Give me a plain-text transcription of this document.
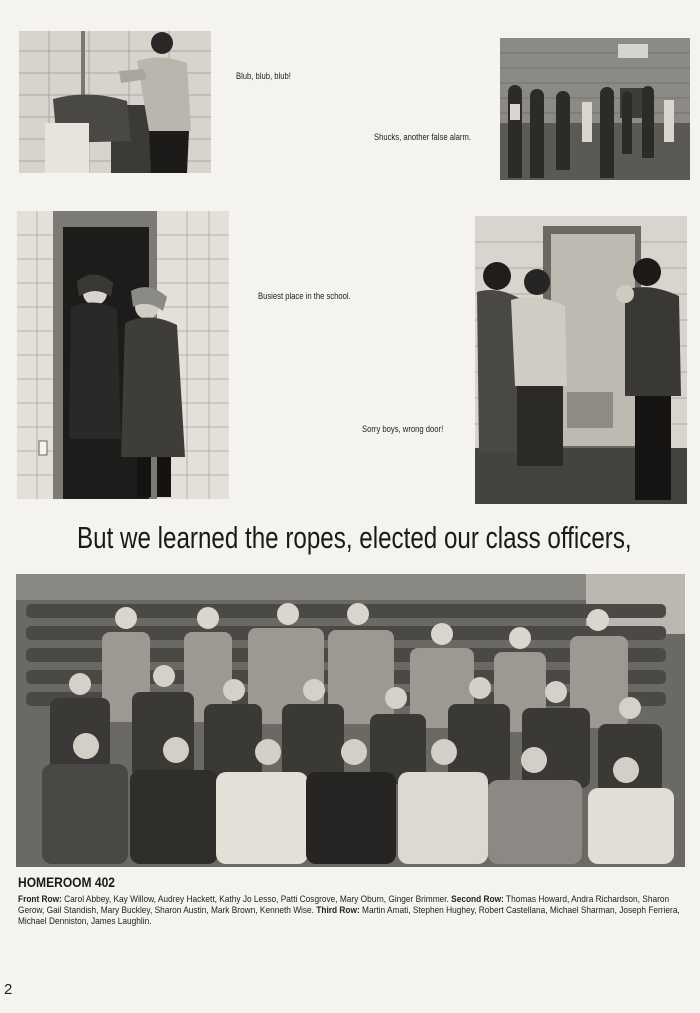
Blub, blub, blub!
Shucks, another false alarm.
Busiest place in the school.
Sorry boys, wrong door!
But we learned the ropes, elected our class officers,
HOMEROOM 402
Front Row: Carol Abbey, Kay Willow, Audrey Hackett, Kathy Jo Lesso, Patti Cosgrove, Mary Oburn, Ginger Brimmer. Second Row: Thomas Howard, Andra Richardson, Sharon Gerow, Gail Standish, Mary Buckley, Sharon Austin, Mark Brown, Kenneth Wise. Third Row: Martin Amati, Stephen Hughey, Robert Castellana, Michael Sharman, Joseph Ferriera, Michael Denniston, James Laughlin.
2
